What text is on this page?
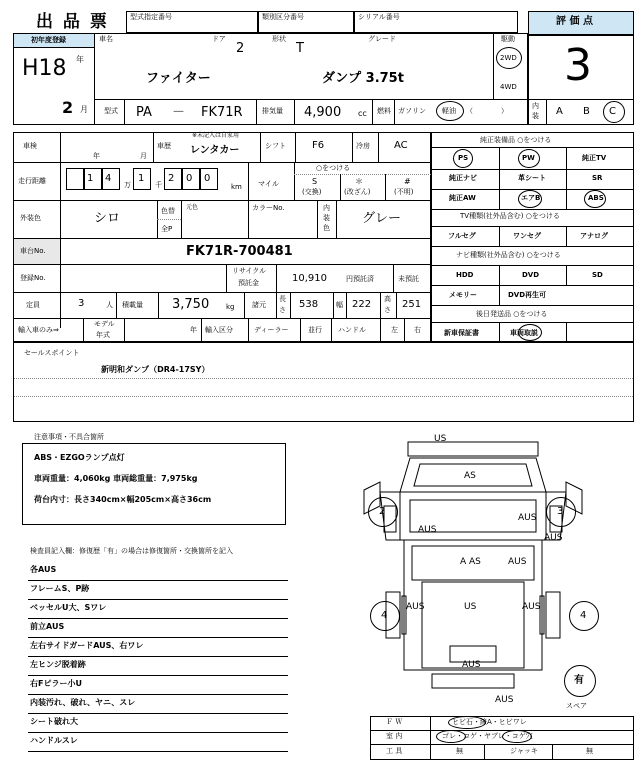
出 品 票	型式指定番号	類別区分番号	シリアル番号	評 価 点
3
初年度登録
H18 年
2 月
車名	ドア
2
形状
T
グレード
ファイター	ダンプ 3.75t
駆動
2WD
4WD
型式 PA － FK71R	排気量 4,900 cc 燃料 ガソリン 軽油 （　　　　）
内
装 A B C
車検
年	月
車歴
※未記入は自家用
レンタカー	シフト	F6	冷房 AC
走行距離	1 4
万
1
千
2 0 0
km マイル
○をつける
S
(交換)
＊
(改ざん)
#
(不明)
外装色	シロ	色替
全P
元色	カラーNo.	内
装
色
グレー
車台No.	FK71R-700481
登録No.
リサイクル
預託金	10,910	円預託済	未預託
定員	3	人 積載量 3,750 kg	諸元
長
さ 538	幅 222 高
さ 251
輸入車のみ⇒
モデル
年式
年 輸入区分	ディーラー	並行 ハンドル	左 右
純正装備品 ○をつける
PS	PW	純正TV
純正ナビ	革シート	SR
純正AW	エアB	ABS
TV種類(社外品含む) ○をつける
フルセグ	ワンセグ	アナログ
ナビ種類(社外品含む) ○をつける
HDD	DVD	SD
メモリー	DVD再生可
後日発送品 ○をつける
新車保証書	車両取説
セールスポイント
新明和ダンプ（DR4-17SY）
注意事項・不具合箇所
ABS・EZGOランプ点灯
車両重量：4,060kg 車両総重量：7,975kg
荷台内寸：長さ340cm×幅205cm×高さ36cm
検査員記入欄：修復歴「有」の場合は修復箇所・交換箇所を記入
各AUS
フレームS、P跡
ベッセルU大、Sワレ
前立AUS
左右サイドガードAUS、右ワレ
左ヒンジ脱着跡
右Fピラー小U
内装汚れ、破れ、ヤニ、スレ
シート破れ大
ハンドルスレ
US
AS
AUS
AUS
A AS	AUS
AUS	US	AUS
AUS
AUS
AUS
2	3
4	4
有
スペア
Ｆ Ｗ	ヒビ石・線A・ヒビワレ
室 内	ゴレ・コゲ・ヤブレ・コゲ穴
工 具	無	ジャッキ	無
